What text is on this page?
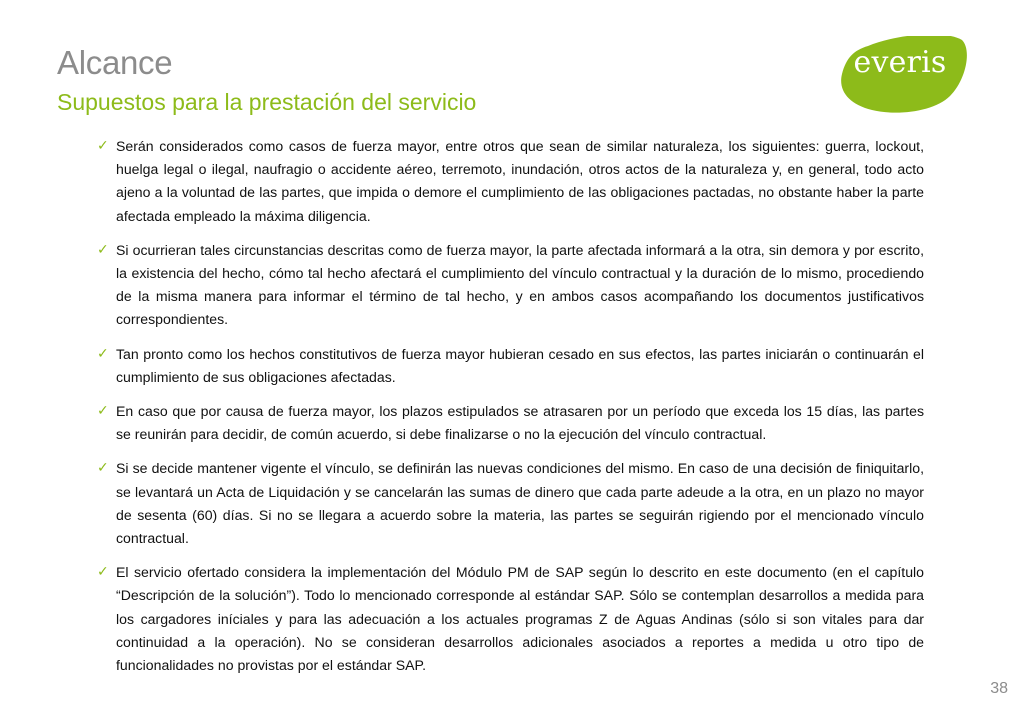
Alcance
Supuestos para la prestación del servicio
everis
✓ Serán considerados como casos de fuerza mayor, entre otros que sean de similar naturaleza, los siguientes: guerra, lockout, huelga legal o ilegal, naufragio o accidente aéreo, terremoto, inundación, otros actos de la naturaleza y, en general, todo acto ajeno a la voluntad de las partes, que impida o demore el cumplimiento de las obligaciones pactadas, no obstante haber la parte afectada empleado la máxima diligencia.
✓ Si ocurrieran tales circunstancias descritas como de fuerza mayor, la parte afectada informará a la otra, sin demora y por escrito, la existencia del hecho, cómo tal hecho afectará el cumplimiento del vínculo contractual y la duración de lo mismo, procediendo de la misma manera para informar el término de tal hecho, y en ambos casos acompañando los documentos justificativos correspondientes.
✓ Tan pronto como los hechos constitutivos de fuerza mayor hubieran cesado en sus efectos, las partes iniciarán o continuarán el cumplimiento de sus obligaciones afectadas.
✓ En caso que por causa de fuerza mayor, los plazos estipulados se atrasaren por un período que exceda los 15 días, las partes se reunirán para decidir, de común acuerdo, si debe finalizarse o no la ejecución del vínculo contractual.
✓ Si se decide mantener vigente el vínculo, se definirán las nuevas condiciones del mismo. En caso de una decisión de finiquitarlo, se levantará un Acta de Liquidación y se cancelarán las sumas de dinero que cada parte adeude a la otra, en un plazo no mayor de sesenta (60) días. Si no se llegara a acuerdo sobre la materia, las partes se seguirán rigiendo por el mencionado vínculo contractual.
✓ El servicio ofertado considera la implementación del Módulo PM de SAP según lo descrito en este documento (en el capítulo “Descripción de la solución”). Todo lo mencionado corresponde al estándar SAP. Sólo se contemplan desarrollos a medida para los cargadores iníciales y para las adecuación a los actuales programas Z de Aguas Andinas (sólo si son vitales para dar continuidad a la operación). No se consideran desarrollos adicionales asociados a reportes a medida u otro tipo de funcionalidades no provistas por el estándar SAP.
38
